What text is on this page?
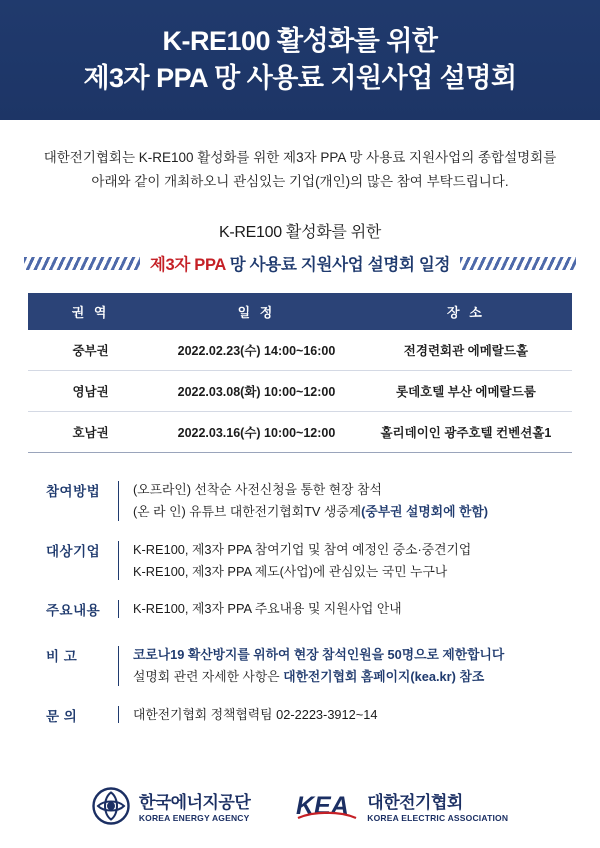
K-RE100 활성화를 위한
제3자 PPA 망 사용료 지원사업 설명회
대한전기협회는 K-RE100 활성화를 위한 제3자 PPA 망 사용료 지원사업의 종합설명회를
아래와 같이 개최하오니 관심있는 기업(개인)의 많은 참여 부탁드립니다.
K-RE100 활성화를 위한
제3자 PPA 망 사용료 지원사업 설명회 일정
권 역	일 정	장 소
중부권	2022.02.23(수) 14:00~16:00	전경련회관 에메랄드홀
영남권	2022.03.08(화) 10:00~12:00	롯데호텔 부산 에메랄드룸
호남권	2022.03.16(수) 10:00~12:00	홀리데이인 광주호텔 컨벤션홀1
참여방법	(오프라인) 선착순 사전신청을 통한 현장 참석
(온 라 인) 유튜브 대한전기협회TV 생중계(중부권 설명회에 한함)
대상기업	K-RE100, 제3자 PPA 참여기업 및 참여 예정인 중소·중견기업
K-RE100, 제3자 PPA 제도(사업)에 관심있는 국민 누구나
주요내용	K-RE100, 제3자 PPA 주요내용 및 지원사업 안내
비 고	코로나19 확산방지를 위하여 현장 참석인원을 50명으로 제한합니다
설명회 관련 자세한 사항은 대한전기협회 홈페이지(kea.kr) 참조
문 의	대한전기협회 정책협력팀 02-2223-3912~14
한국에너지공단
KOREA ENERGY AGENCY KEA 대한전기협회
KOREA ELECTRIC ASSOCIATION
